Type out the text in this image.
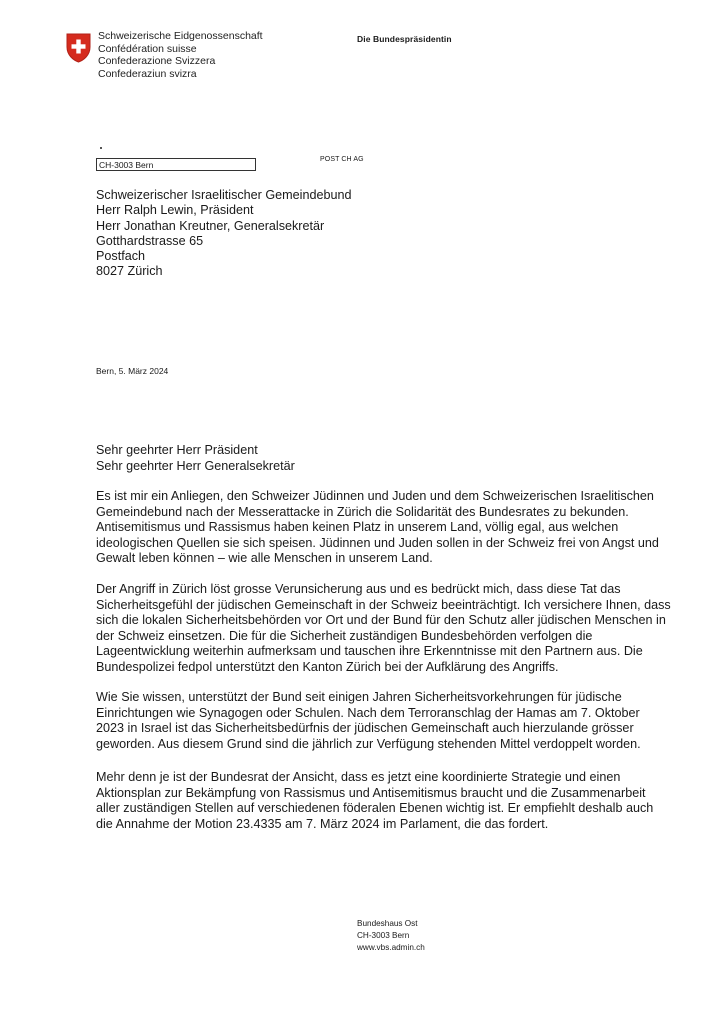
Schweizerische Eidgenossenschaft
Confédération suisse
Confederazione Svizzera
Confederaziun svizra
Die Bundespräsidentin
CH-3003 Bern
POST CH AG
Schweizerischer Israelitischer Gemeindebund
Herr Ralph Lewin, Präsident
Herr Jonathan Kreutner, Generalsekretär
Gotthardstrasse 65
Postfach
8027 Zürich
Bern, 5. März 2024
Sehr geehrter Herr Präsident
Sehr geehrter Herr Generalsekretär
Es ist mir ein Anliegen, den Schweizer Jüdinnen und Juden und dem Schweizerischen Israelitischen
Gemeindebund nach der Messerattacke in Zürich die Solidarität des Bundesrates zu bekunden.
Antisemitismus und Rassismus haben keinen Platz in unserem Land, völlig egal, aus welchen
ideologischen Quellen sie sich speisen. Jüdinnen und Juden sollen in der Schweiz frei von Angst und
Gewalt leben können – wie alle Menschen in unserem Land.
Der Angriff in Zürich löst grosse Verunsicherung aus und es bedrückt mich, dass diese Tat das
Sicherheitsgefühl der jüdischen Gemeinschaft in der Schweiz beeinträchtigt. Ich versichere Ihnen, dass
sich die lokalen Sicherheitsbehörden vor Ort und der Bund für den Schutz aller jüdischen Menschen in
der Schweiz einsetzen. Die für die Sicherheit zuständigen Bundesbehörden verfolgen die
Lageentwicklung weiterhin aufmerksam und tauschen ihre Erkenntnisse mit den Partnern aus. Die
Bundespolizei fedpol unterstützt den Kanton Zürich bei der Aufklärung des Angriffs.
Wie Sie wissen, unterstützt der Bund seit einigen Jahren Sicherheitsvorkehrungen für jüdische
Einrichtungen wie Synagogen oder Schulen. Nach dem Terroranschlag der Hamas am 7. Oktober
2023 in Israel ist das Sicherheitsbedürfnis der jüdischen Gemeinschaft auch hierzulande grösser
geworden. Aus diesem Grund sind die jährlich zur Verfügung stehenden Mittel verdoppelt worden.
Mehr denn je ist der Bundesrat der Ansicht, dass es jetzt eine koordinierte Strategie und einen
Aktionsplan zur Bekämpfung von Rassismus und Antisemitismus braucht und die Zusammenarbeit
aller zuständigen Stellen auf verschiedenen föderalen Ebenen wichtig ist. Er empfiehlt deshalb auch
die Annahme der Motion 23.4335 am 7. März 2024 im Parlament, die das fordert.
Bundeshaus Ost
CH-3003 Bern
www.vbs.admin.ch
